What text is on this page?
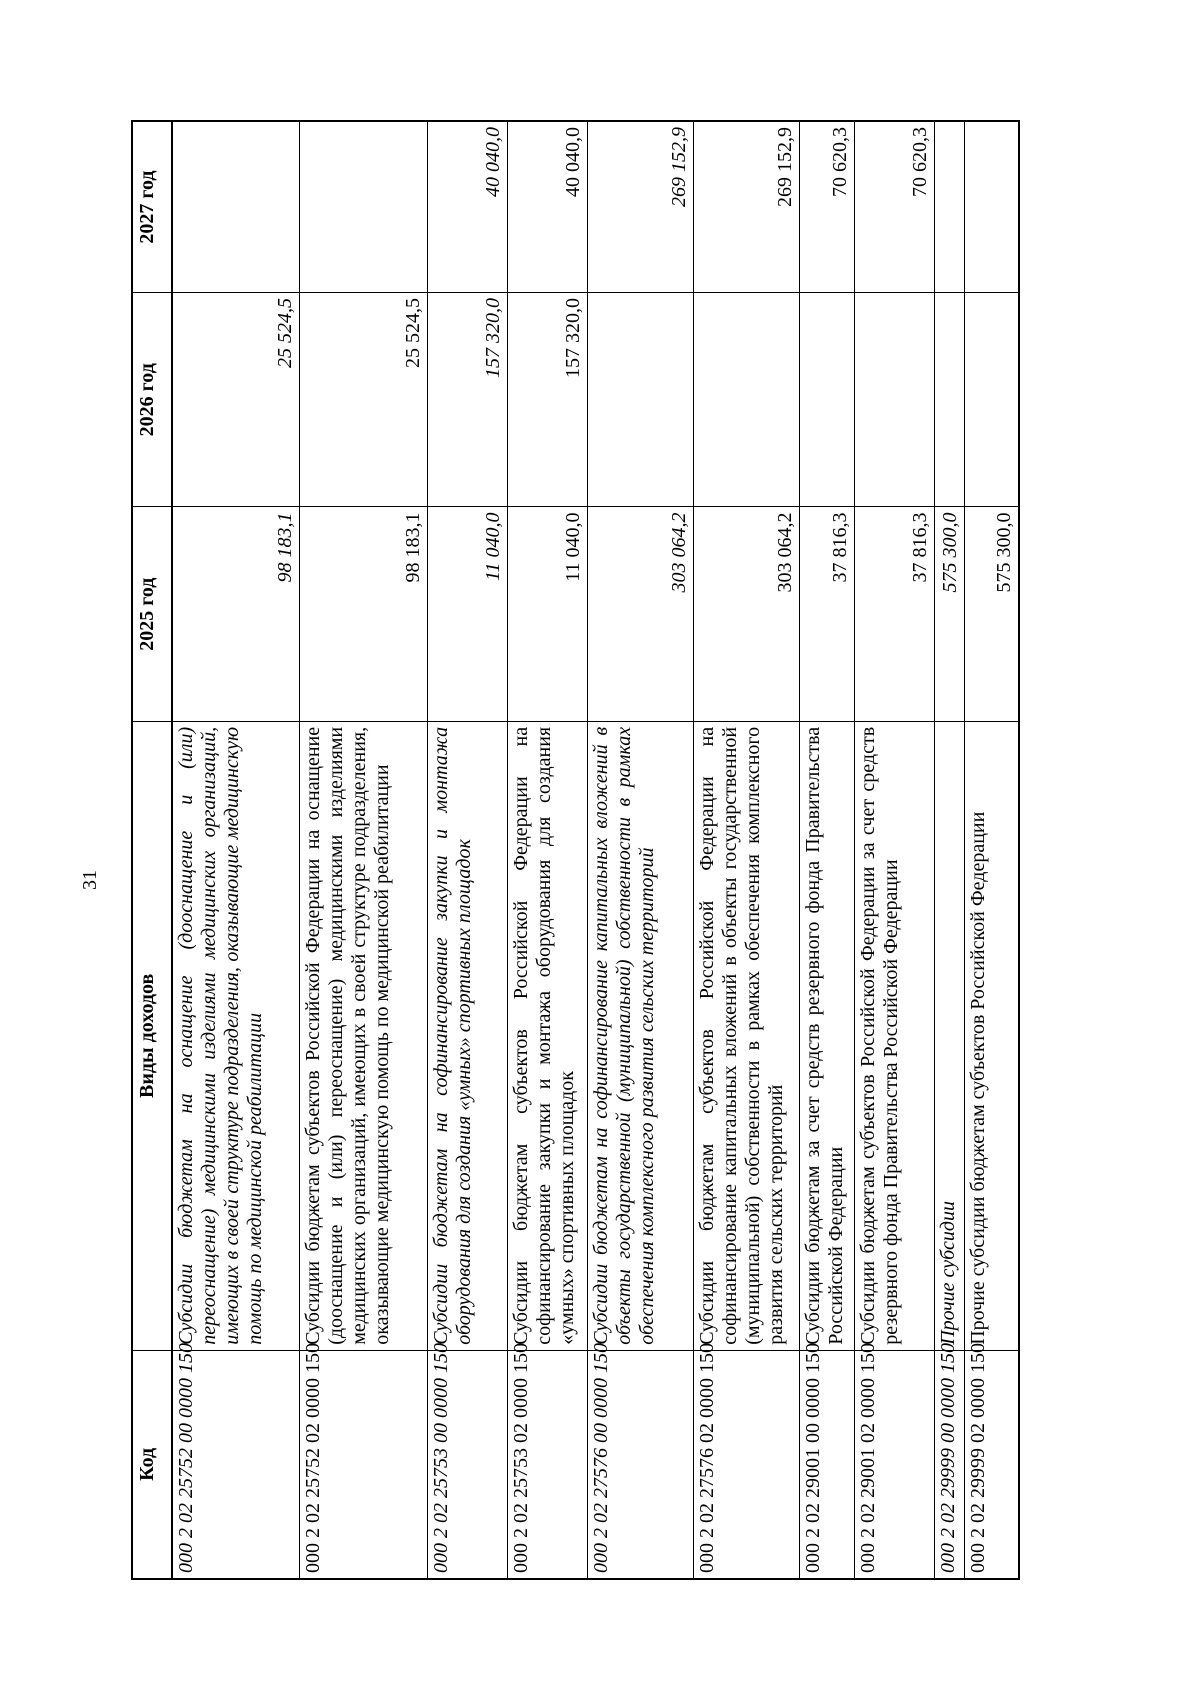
31
Код	Виды доходов	2025 год	2026 год	2027 год
000 2 02 25752 00 0000 150	Субсидии бюджетам на оснащение (дооснащение и (или) переоснащение) медицинскими изделиями медицинских организаций, имеющих в своей структуре подразделения, оказывающие медицинскую помощь по медицинской реабилитации	98 183,1	25 524,5	
000 2 02 25752 02 0000 150	Субсидии бюджетам субъектов Российской Федерации на оснащение (дооснащение и (или) переоснащение) медицинскими изделиями медицинских организаций, имеющих в своей структуре подразделения, оказывающие медицинскую помощь по медицинской реабилитации	98 183,1	25 524,5	
000 2 02 25753 00 0000 150	Субсидии бюджетам на софинансирование закупки и монтажа оборудования для создания «умных» спортивных площадок	11 040,0	157 320,0	40 040,0
000 2 02 25753 02 0000 150	Субсидии бюджетам субъектов Российской Федерации на софинансирование закупки и монтажа оборудования для создания «умных» спортивных площадок	11 040,0	157 320,0	40 040,0
000 2 02 27576 00 0000 150	Субсидии бюджетам на софинансирование капитальных вложений в объекты государственной (муниципальной) собственности в рамках обеспечения комплексного развития сельских территорий	303 064,2		269 152,9
000 2 02 27576 02 0000 150	Субсидии бюджетам субъектов Российской Федерации на софинансирование капитальных вложений в объекты государственной (муниципальной) собственности в рамках обеспечения комплексного развития сельских территорий	303 064,2		269 152,9
000 2 02 29001 00 0000 150	Субсидии бюджетам за счет средств резервного фонда Правительства Российской Федерации	37 816,3		70 620,3
000 2 02 29001 02 0000 150	Субсидии бюджетам субъектов Российской Федерации за счет средств резервного фонда Правительства Российской Федерации	37 816,3		70 620,3
000 2 02 29999 00 0000 150	Прочие субсидии	575 300,0		
000 2 02 29999 02 0000 150	Прочие субсидии бюджетам субъектов Российской Федерации	575 300,0		
